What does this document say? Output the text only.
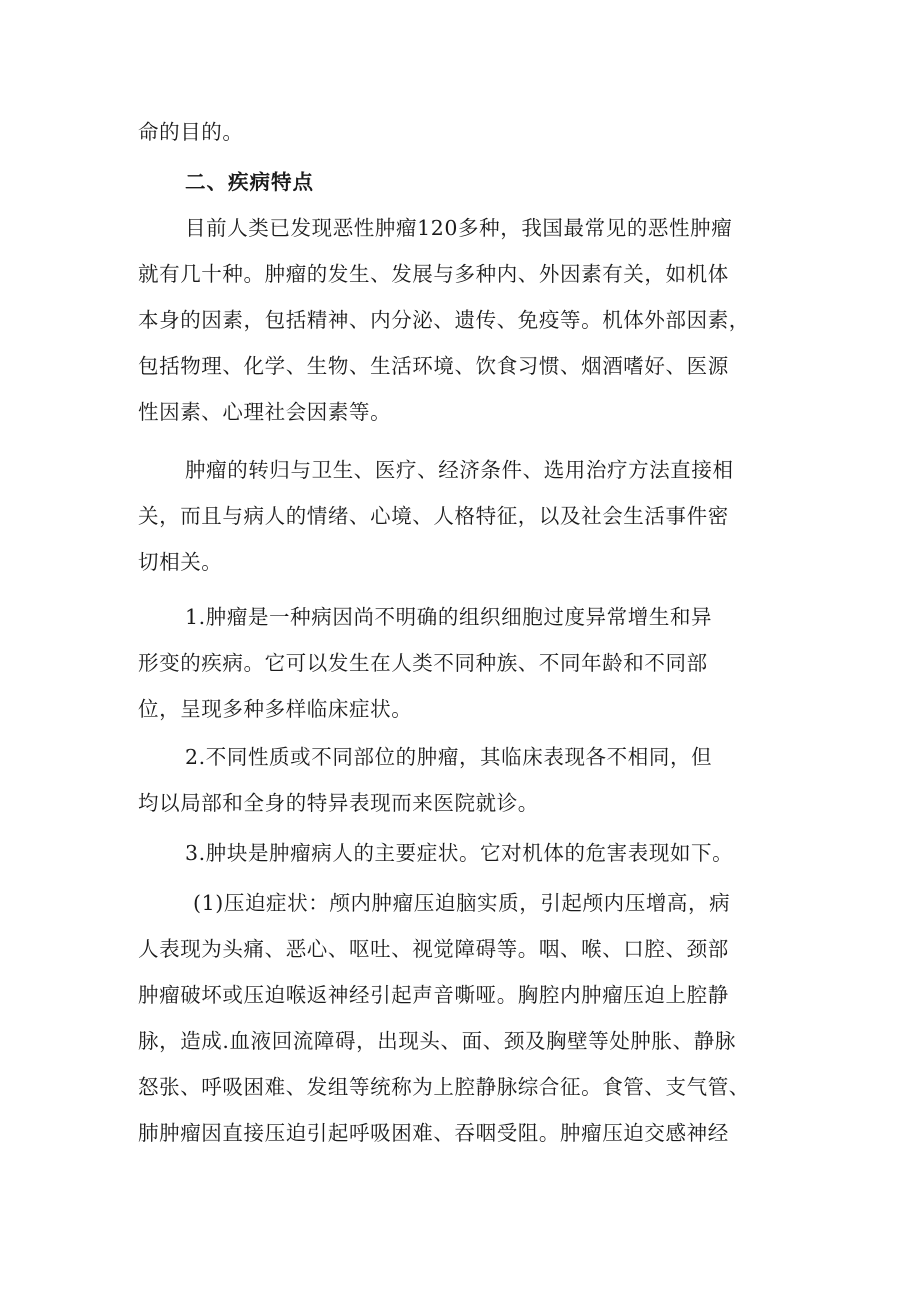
命的目的。
二、疾病特点
目前人类已发现恶性肿瘤120多种，我国最常见的恶性肿瘤
就有几十种。肿瘤的发生、发展与多种内、外因素有关，如机体
本身的因素，包括精神、内分泌、遗传、免疫等。机体外部因素，
包括物理、化学、生物、生活环境、饮食习惯、烟酒嗜好、医源
性因素、心理社会因素等。
肿瘤的转归与卫生、医疗、经济条件、选用治疗方法直接相
关，而且与病人的情绪、心境、人格特征，以及社会生活事件密
切相关。
1.肿瘤是一种病因尚不明确的组织细胞过度异常增生和异
形变的疾病。它可以发生在人类不同种族、不同年龄和不同部
位，呈现多种多样临床症状。
2.不同性质或不同部位的肿瘤，其临床表现各不相同，但
均以局部和全身的特异表现而来医院就诊。
3.肿块是肿瘤病人的主要症状。它对机体的危害表现如下。
(1)压迫症状：颅内肿瘤压迫脑实质，引起颅内压增高，病
人表现为头痛、恶心、呕吐、视觉障碍等。咽、喉、口腔、颈部
肿瘤破坏或压迫喉返神经引起声音嘶哑。胸腔内肿瘤压迫上腔静
脉，造成.血液回流障碍，出现头、面、颈及胸壁等处肿胀、静脉
怒张、呼吸困难、发组等统称为上腔静脉综合征。食管、支气管、
肺肿瘤因直接压迫引起呼吸困难、吞咽受阻。肿瘤压迫交感神经
